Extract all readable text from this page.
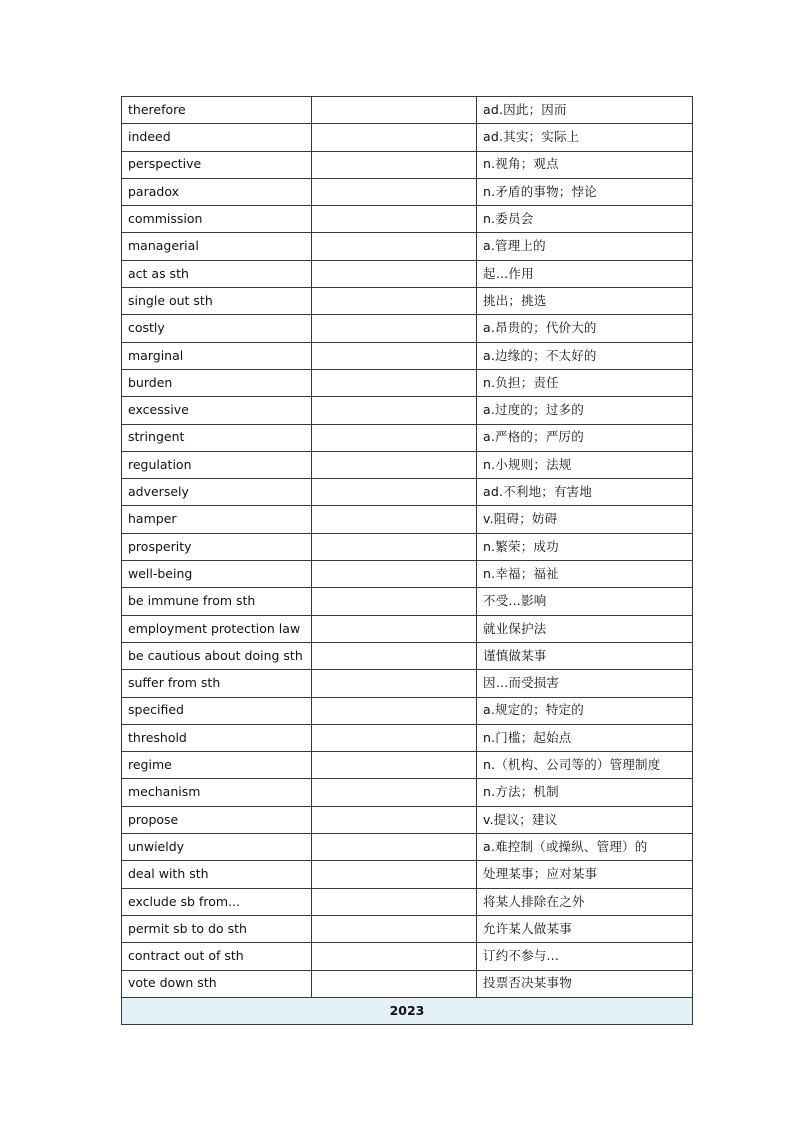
therefore		ad.因此；因而
indeed		ad.其实；实际上
perspective		n.视角；观点
paradox		n.矛盾的事物；悖论
commission		n.委员会
managerial		a.管理上的
act as sth		起…作用
single out sth		挑出；挑选
costly		a.昂贵的；代价大的
marginal		a.边缘的；不太好的
burden		n.负担；责任
excessive		a.过度的；过多的
stringent		a.严格的；严厉的
regulation		n.小规则；法规
adversely		ad.不利地；有害地
hamper		v.阻碍；妨碍
prosperity		n.繁荣；成功
well-being		n.幸福；福祉
be immune from sth		不受…影响
employment protection law		就业保护法
be cautious about doing sth		谨慎做某事
suffer from sth		因…而受损害
specified		a.规定的；特定的
threshold		n.门槛；起始点
regime		n.（机构、公司等的）管理制度
mechanism		n.方法；机制
propose		v.提议；建议
unwieldy		a.难控制（或操纵、管理）的
deal with sth		处理某事；应对某事
exclude sb from...		将某人排除在之外
permit sb to do sth		允许某人做某事
contract out of sth		订约不参与...
vote down sth		投票否决某事物
2023		
